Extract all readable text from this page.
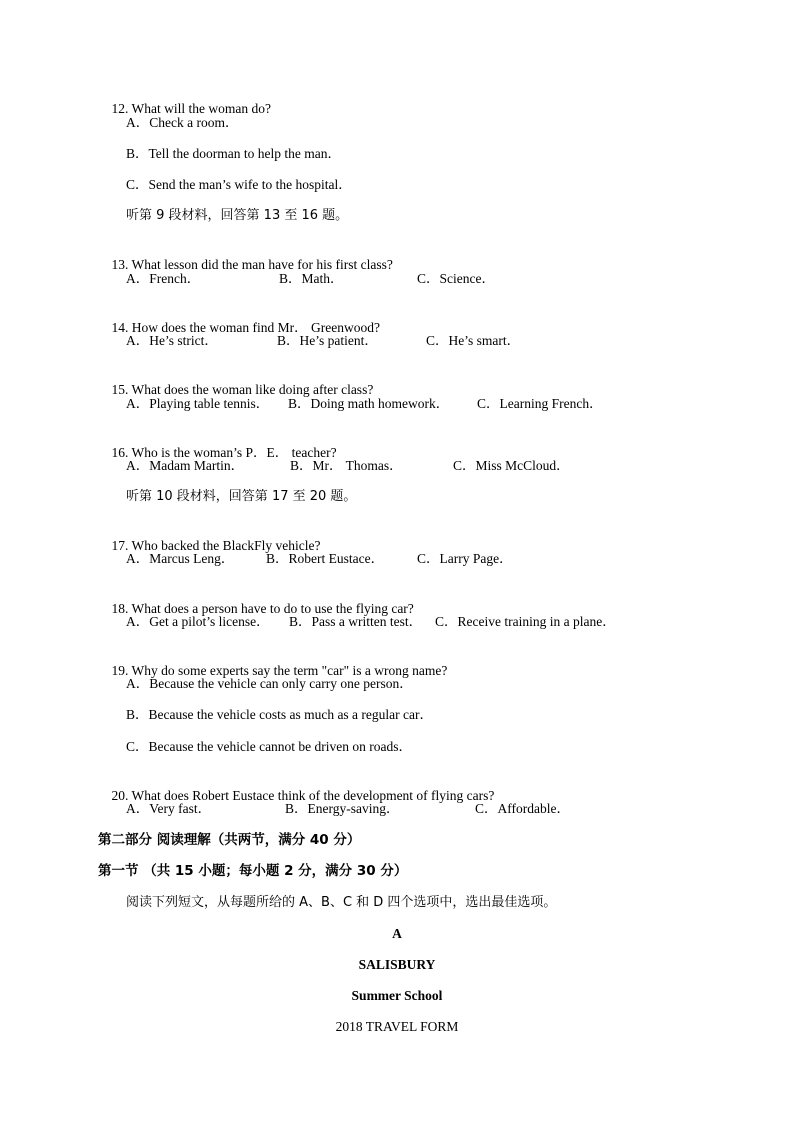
12. What will the woman do?

A．Check a room．
B．Tell the doorman to help the man．
C．Send the man’s wife to the hospital．
听第 9 段材料，回答第 13 至 16 题。

13. What lesson did the man have for his first class?

A．French．	B．Math．	C．Science．

14. How does the woman find Mr． Greenwood?

A．He’s strict．	B．He’s patient．	C．He’s smart．

15. What does the woman like doing after class?

A．Playing table tennis． B．Doing math homework． C．Learning French．

16. Who is the woman’s P．E． teacher?

A．Madam Martin．	B．Mr． Thomas．	C．Miss McCloud．
听第 10 段材料，回答第 17 至 20 题。

17. Who backed the BlackFly vehicle?

A．Marcus Leng． B．Robert Eustace． C．Larry Page．

18. What does a person have to do to use the flying car?

A．Get a pilot’s license． B．Pass a written test． C．Receive training in a plane．

19. Why do some experts say the term "car" is a wrong name?

A．Because the vehicle can only carry one person．
B．Because the vehicle costs as much as a regular car．
C．Because the vehicle cannot be driven on roads．

20. What does Robert Eustace think of the development of flying cars?

A．Very fast．	B．Energy-saving．	C．Affordable．
第二部分 阅读理解（共两节，满分 40 分）
第一节 （共 15 小题；每小题 2 分，满分 30 分）
阅读下列短文，从每题所给的 A、B、C 和 D 四个选项中，选出最佳选项。
A
SALISBURY
Summer School
2018 TRAVEL FORM
